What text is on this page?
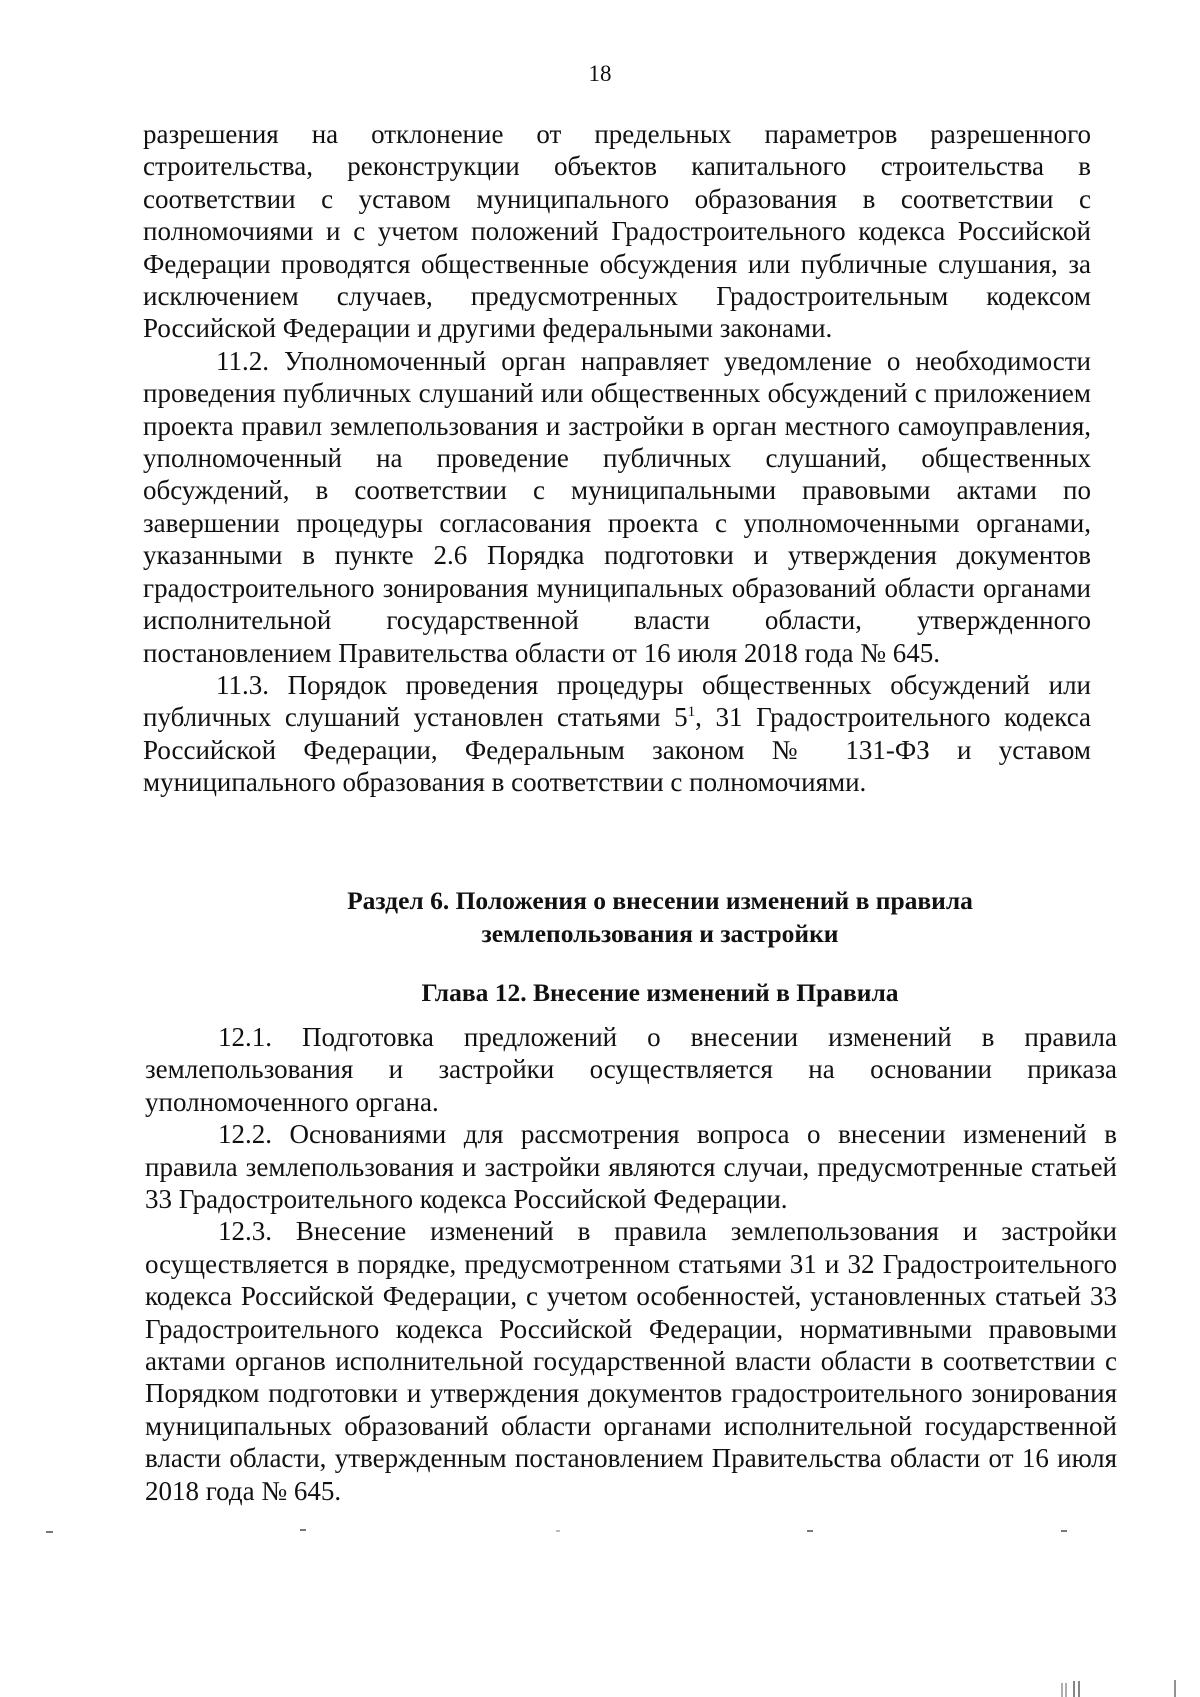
18

разрешения на отклонение от предельных параметров разрешенного строительства, реконструкции объектов капитального строительства в соответствии с уставом муниципального образования в соответствии с полномочиями и с учетом положений Градостроительного кодекса Российской Федерации проводятся общественные обсуждения или публичные слушания, за исключением случаев, предусмотренных Градостроительным кодексом Российской Федерации и другими федеральными законами.

11.2. Уполномоченный орган направляет уведомление о необходимости проведения публичных слушаний или общественных обсуждений с приложением проекта правил землепользования и застройки в орган местного самоуправления, уполномоченный на проведение публичных слушаний, общественных обсуждений, в соответствии с муниципальными правовыми актами по завершении процедуры согласования проекта с уполномоченными органами, указанными в пункте 2.6 Порядка подготовки и утверждения документов градостроительного зонирования муниципальных образований области органами исполнительной государственной власти области, утвержденного постановлением Правительства области от 16 июля 2018 года № 645.

11.3. Порядок проведения процедуры общественных обсуждений или публичных слушаний установлен статьями $5^1$, 31 Градостроительного кодекса Российской Федерации, Федеральным законом № 131-ФЗ и уставом муниципального образования в соответствии с полномочиями.

Раздел 6. Положения о внесении изменений в правила
землепользования и застройки
Глава 12. Внесение изменений в Правила

12.1. Подготовка предложений о внесении изменений в правила землепользования и застройки осуществляется на основании приказа уполномоченного органа.

12.2. Основаниями для рассмотрения вопроса о внесении изменений в правила землепользования и застройки являются случаи, предусмотренные статьей 33 Градостроительного кодекса Российской Федерации.

12.3. Внесение изменений в правила землепользования и застройки осуществляется в порядке, предусмотренном статьями 31 и 32 Градостроительного кодекса Российской Федерации, с учетом особенностей, установленных статьей 33 Градостроительного кодекса Российской Федерации, нормативными правовыми актами органов исполнительной государственной власти области в соответствии с Порядком подготовки и утверждения документов градостроительного зонирования муниципальных образований области органами исполнительной государственной власти области, утвержденным постановлением Правительства области от 16 июля 2018 года № 645.
